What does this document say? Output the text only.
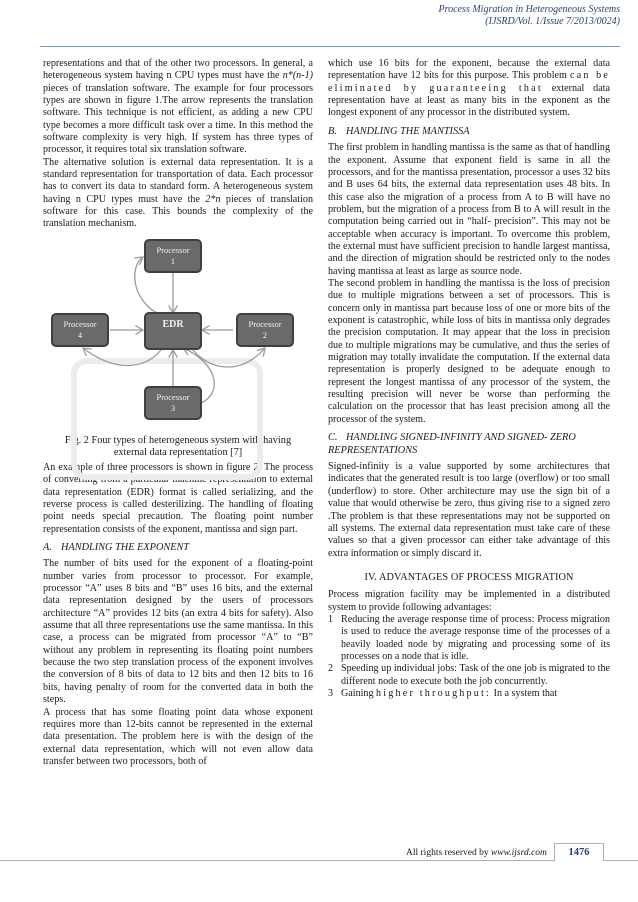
Process Migration in Heterogeneous Systems
(IJSRD/Vol. 1/Issue 7/2013/0024)

representations and that of the other two processors. In general, a heterogeneous system having n CPU types must have the n*(n-1) pieces of translation software. The example for four processors types are shown in figure 1.The arrow represents the translation software. This technique is not efficient, as adding a new CPU type becomes a more difficult task over a time. In this method the software complexity is very high. If system has three types of processor, it requires total six translation software.

The alternative solution is external data representation. It is a standard representation for transportation of data. Each processor has to convert its data to standard form. A heterogeneous system having n CPU types must have the 2*n pieces of translation software for this case. This bounds the complexity of the translation mechanism.

Processor
1
Processor
4
EDR	Processor
2
Processor
3
Fig. 2 Four types of heterogeneous system with having
external data representation [7]

An example of three processors is shown in figure 2. The process of converting from a particular machine representation to external data representation (EDR) format is called serializing, and the reverse process is called desterilizing. The handling of floating point needs special precaution. The floating point number representation consists of the exponent, mantissa and sign part.

A. HANDLING THE EXPONENT

The number of bits used for the exponent of a floating-point number varies from processor to processor. For example, processor “A” uses 8 bits and “B” uses 16 bits, and the external data representation designed by the users of processors architecture “A” provides 12 bits (an extra 4 bits for safety). Also assume that all three representations use the same mantissa. In this case, a process can be migrated from processor “A” to “B” without any problem in representing its floating point numbers because the two step translation process of the exponent involves the conversion of 8 bits of data to 12 bits and then 12 bits to 16 bits, having penalty of room for the converted data in both the steps.

A process that has some floating point data whose exponent requires more than 12-bits cannot be represented in the external data presentation. The problem here is with the design of the external data representation, which will not even allow data transfer between two processors, both of

which use 16 bits for the exponent, because the external data representation have 12 bits for this purpose. This problem can be eliminated by guaranteeing that external data representation have at least as many bits in the exponent as the longest exponent of any processor in the distributed system.

B. HANDLING THE MANTISSA

The first problem in handling mantissa is the same as that of handling the exponent. Assume that exponent field is same in all the processors, and for the mantissa presentation, processor a uses 32 bits and B uses 64 bits, the external data representation uses 48 bits. In this case also the migration of a process from A to B will have no problem, but the migration of a process from B to A will result in the computation being carried out in “half- precision”. This may not be acceptable when accuracy is important. To overcome this problem, the external must have sufficient precision to handle largest mantissa, and the direction of migration should be restricted only to the nodes having mantissa at least as large as source node.

The second problem in handling the mantissa is the loss of precision due to multiple migrations between a set of processors. This is concern only in mantissa part because loss of one or more bits of the exponent is catastrophic, while loss of bits in mantissa only degrades the precision computation. It may appear that the loss in precision due to multiple migrations may be cumulative, and thus the series of migration may totally invalidate the computation. If the external data representation is properly designed to be adequate enough to represent the longest mantissa of any processor of the system, the resulting precision will never be worse than performing the calculation on the processor that has least precision among all the processor of the system.

C. HANDLING SIGNED-INFINITY AND SIGNED- ZERO REPRESENTATIONS

Signed-infinity is a value supported by some architectures that indicates that the generated result is too large (overflow) or too small (underflow) to store. Other architecture may use the sign bit of a value that would otherwise be zero, thus giving rise to a signed zero .The problem is that these representations may not be supported on all systems. The external data representation must take care of these values so that a given processor can either take advantage of this extra information or simply discard it.

IV. ADVANTAGES OF PROCESS MIGRATION

Process migration facility may be implemented in a distributed system to provide following advantages:

1 Reducing the average response time of process: Process migration is used to reduce the average response time of the processes of a heavily loaded node by migrating and processing some of its processes on a node that is idle.
2 Speeding up individual jobs: Task of the one job is migrated to the different node to execute both the job concurrently.
3 Gaining higher throughput: In a system that
All rights reserved by www.ijsrd.com	1476
